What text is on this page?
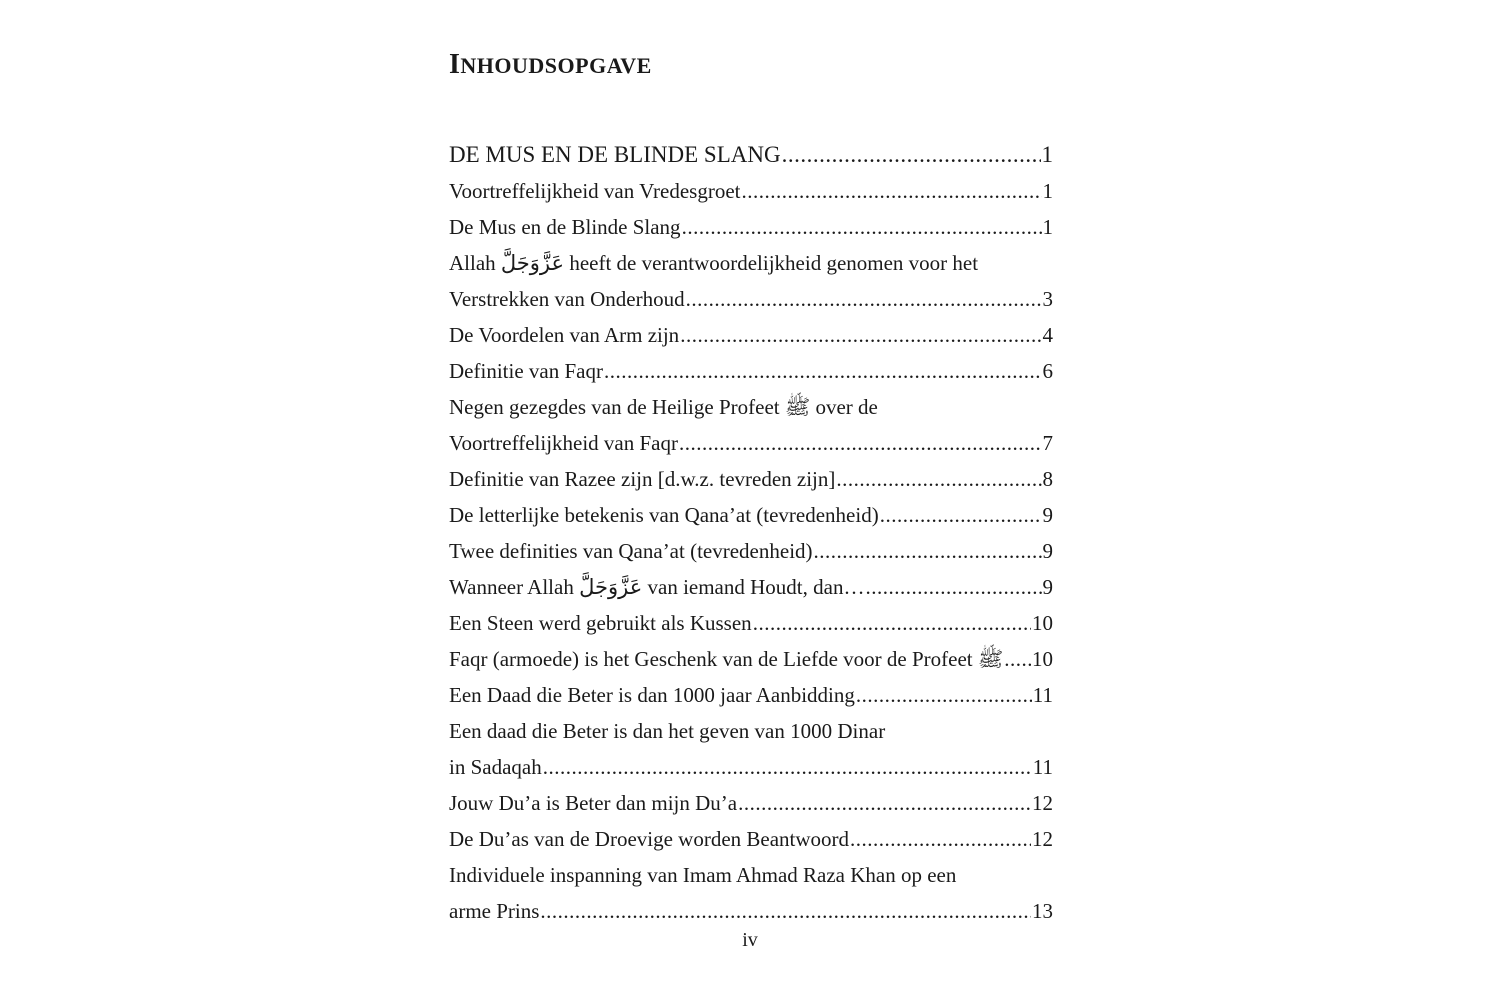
INHOUDSOPGAVE
DE MUS EN DE BLINDE SLANG .....	1
Voortreffelijkheid van Vredesgroet .....	1
De Mus en de Blinde Slang .....	1
Allah عَزَّوَجَلَّ heeft de verantwoordelijkheid genomen voor het
Verstrekken van Onderhoud .....	3
De Voordelen van Arm zijn .....	4
Definitie van Faqr .....	6
Negen gezegdes van de Heilige Profeet ﷺ over de
Voortreffelijkheid van Faqr .....	7
Definitie van Razee zijn [d.w.z. tevreden zijn] .....	8
De letterlijke betekenis van Qana’at (tevredenheid) .....	9
Twee definities van Qana’at (tevredenheid) .....	9
Wanneer Allah عَزَّوَجَلَّ van iemand Houdt, dan… .....	9
Een Steen werd gebruikt als Kussen .....	10
Faqr (armoede) is het Geschenk van de Liefde voor de Profeet ﷺ ..... 10
Een Daad die Beter is dan 1000 jaar Aanbidding .....	11
Een daad die Beter is dan het geven van 1000 Dinar
in Sadaqah .....	11
Jouw Du’a is Beter dan mijn Du’a .....	12
De Du’as van de Droevige worden Beantwoord .....	12
Individuele inspanning van Imam Ahmad Raza Khan op een
arme Prins .....	13
iv
